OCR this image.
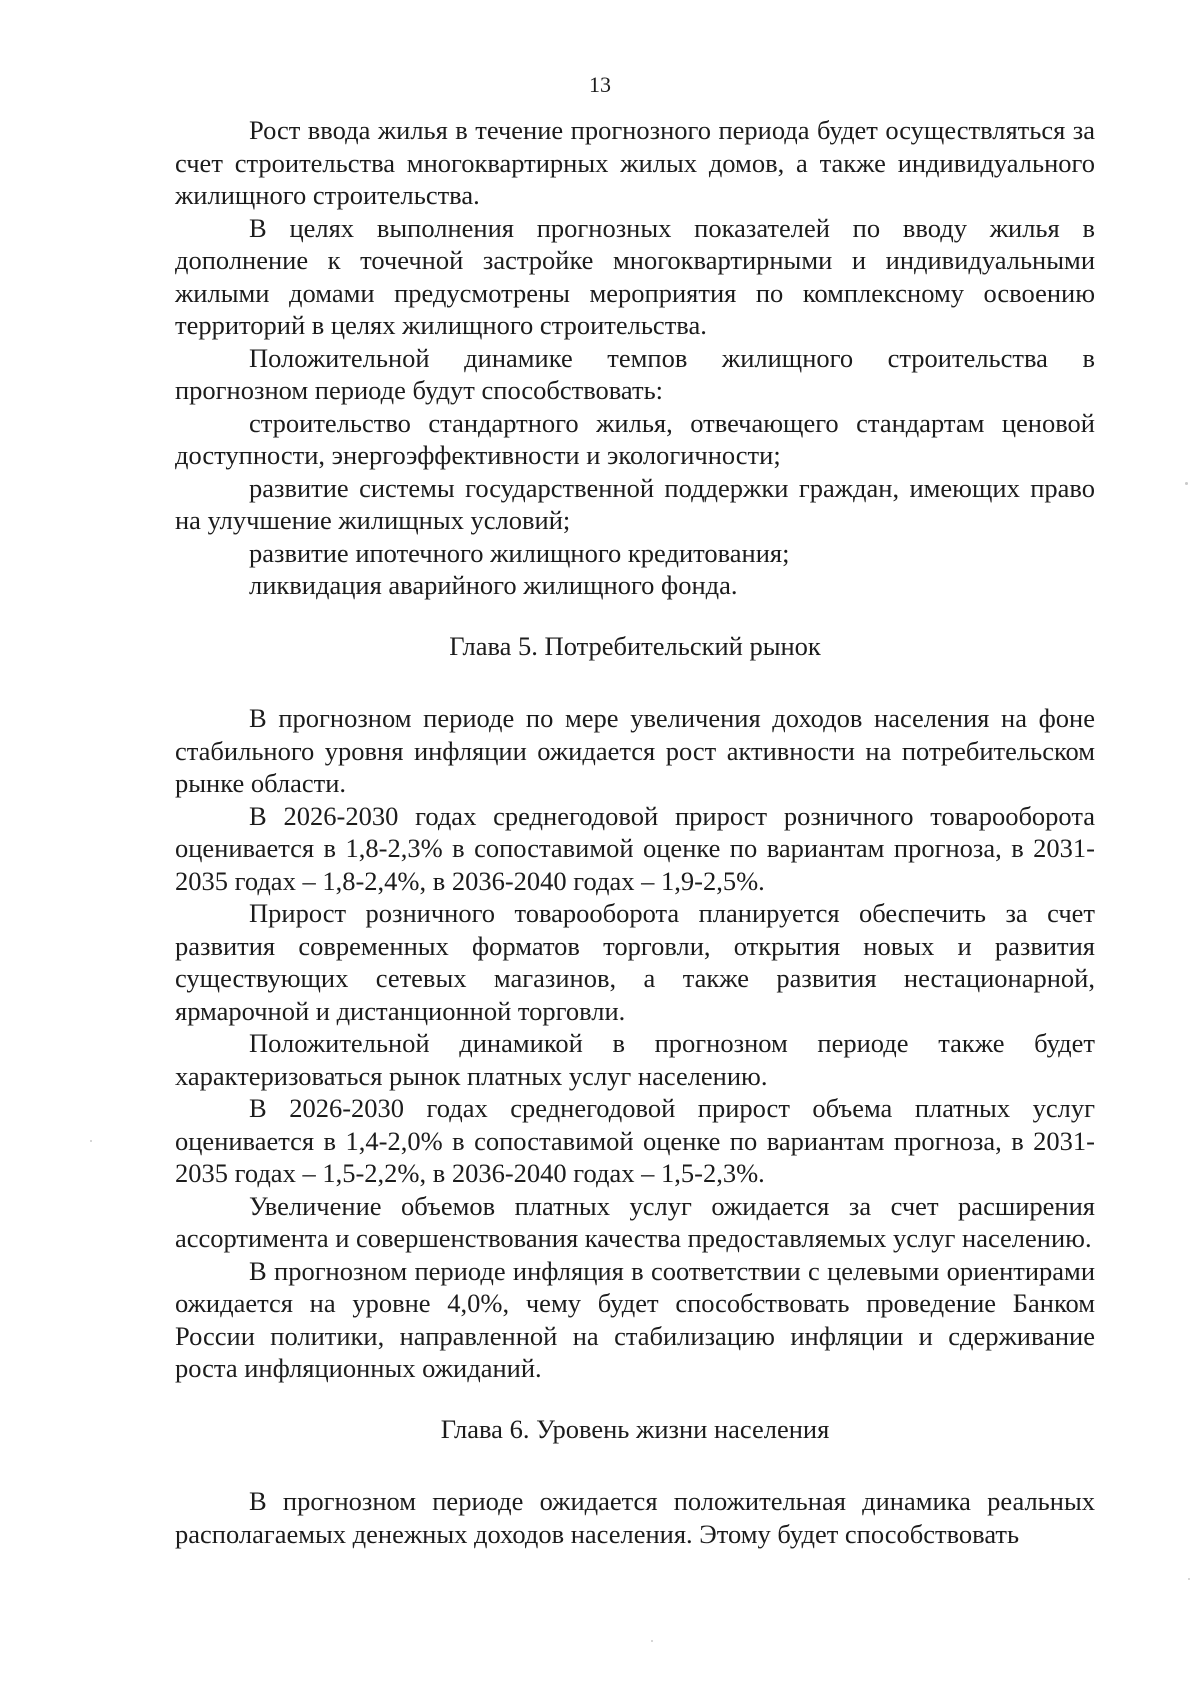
13

Рост ввода жилья в течение прогнозного периода будет осуществляться за счет строительства многоквартирных жилых домов, а также индивидуального жилищного строительства.

В целях выполнения прогнозных показателей по вводу жилья в дополнение к точечной застройке многоквартирными и индивидуальными жилыми домами предусмотрены мероприятия по комплексному освоению территорий в целях жилищного строительства.

Положительной динамике темпов жилищного строительства в прогнозном периоде будут способствовать:

строительство стандартного жилья, отвечающего стандартам ценовой доступности, энергоэффективности и экологичности;

развитие системы государственной поддержки граждан, имеющих право на улучшение жилищных условий;

развитие ипотечного жилищного кредитования;

ликвидация аварийного жилищного фонда.

Глава 5. Потребительский рынок

В прогнозном периоде по мере увеличения доходов населения на фоне стабильного уровня инфляции ожидается рост активности на потребительском рынке области.

В 2026-2030 годах среднегодовой прирост розничного товарооборота оценивается в 1,8-2,3% в сопоставимой оценке по вариантам прогноза, в 2031-2035 годах – 1,8-2,4%, в 2036-2040 годах – 1,9-2,5%.

Прирост розничного товарооборота планируется обеспечить за счет развития современных форматов торговли, открытия новых и развития существующих сетевых магазинов, а также развития нестационарной, ярмарочной и дистанционной торговли.

Положительной динамикой в прогнозном периоде также будет характеризоваться рынок платных услуг населению.

В 2026-2030 годах среднегодовой прирост объема платных услуг оценивается в 1,4-2,0% в сопоставимой оценке по вариантам прогноза, в 2031-2035 годах – 1,5-2,2%, в 2036-2040 годах – 1,5-2,3%.

Увеличение объемов платных услуг ожидается за счет расширения ассортимента и совершенствования качества предоставляемых услуг населению.

В прогнозном периоде инфляция в соответствии с целевыми ориентирами ожидается на уровне 4,0%, чему будет способствовать проведение Банком России политики, направленной на стабилизацию инфляции и сдерживание роста инфляционных ожиданий.

Глава 6. Уровень жизни населения

В прогнозном периоде ожидается положительная динамика реальных располагаемых денежных доходов населения. Этому будет способствовать
